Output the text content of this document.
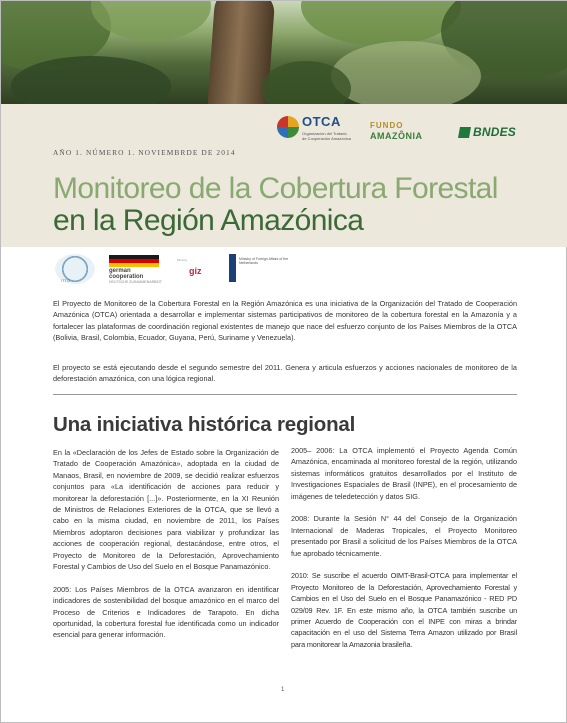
OTCA
Organización del Tratado
de Cooperación Amazónica
FUNDO
AMAZÔNIA	BNDES
AÑO 1. NÚMERO 1. NOVIEMBRDE DE 2014
Monitoreo de la Cobertura Forestal
en la Región Amazónica
ITTO
german cooperation
DEUTSCHE ZUSAMMENARBEIT
Ministry
giz
Ministry of Foreign Affairs of the Netherlands

El Proyecto de Monitoreo de la Cobertura Forestal en la Región Amazónica es una iniciativa de la Organización del Tratado de Cooperación Amazónica (OTCA) orientada a desarrollar e implementar sistemas participativos de monitoreo de la cobertura forestal en la Amazonía y a fortalecer las plataformas de coordinación regional existentes de manejo que nace del esfuerzo conjunto de los Países Miembros de la OTCA (Bolivia, Brasil, Colombia, Ecuador, Guyana, Perú, Suriname y Venezuela).

El proyecto se está ejecutando desde el segundo semestre del 2011. Genera y articula esfuerzos y acciones nacionales de monitoreo de la deforestación amazónica, con una lógica regional.

Una iniciativa histórica regional

En la «Declaración de los Jefes de Estado sobre la Organización de Tratado de Cooperación Amazónica», adoptada en la ciudad de Manaos, Brasil, en noviembre de 2009, se decidió realizar esfuerzos conjuntos para «La identificación de acciones para reducir y monitorear la deforestación [...]». Posteriormente, en la XI Reunión de Ministros de Relaciones Exteriores de la OTCA, que se llevó a cabo en la misma ciudad, en noviembre de 2011, los Países Miembros adoptaron decisiones para viabilizar y profundizar las acciones de cooperación regional, destacándose, entre otros, el Proyecto de Monitoreo de la Deforestación, Aprovechamiento Forestal y Cambios de Uso del Suelo en el Bosque Panamazónico.

2005: Los Países Miembros de la OTCA avanzaron en identificar indicadores de sostenibilidad del bosque amazónico en el marco del Proceso de Criterios e Indicadores de Tarapoto. En dicha oportunidad, la cobertura forestal fue identificada como un indicador esencial para generar información.

2005– 2006: La OTCA implementó el Proyecto Agenda Común Amazónica, encaminada al monitoreo forestal de la región, utilizando sistemas informáticos gratuitos desarrollados por el Instituto de Investigaciones Espaciales de Brasil (INPE), en el procesamiento de imágenes de teledetección y datos SIG.

2008: Durante la Sesión N° 44 del Consejo de la Organización Internacional de Maderas Tropicales, el Proyecto Monitoreo presentado por Brasil a solicitud de los Países Miembros de la OTCA fue aprobado técnicamente.

2010: Se suscribe el acuerdo OIMT-Brasil-OTCA para implementar el Proyecto Monitoreo de la Deforestación, Aprovechamiento Forestal y Cambios en el Uso del Suelo en el Bosque Panamazónico - RED PD 029/09 Rev. 1F. En este mismo año, la OTCA también suscribe un primer Acuerdo de Cooperación con el INPE con miras a brindar capacitación en el uso del Sistema Terra Amazon utilizado por Brasil para monitorear la Amazonia brasileña.

1
